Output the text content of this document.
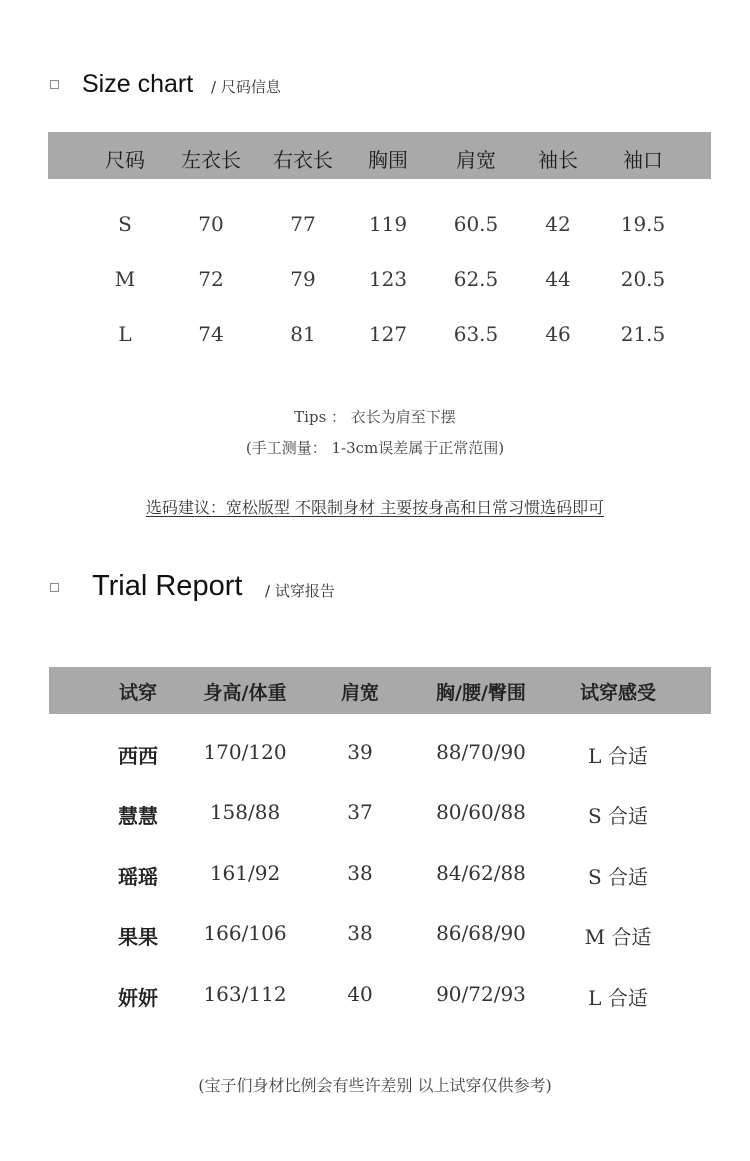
Size chart / 尺码信息
尺码 左衣长 右衣长 胸围 肩宽 袖长 袖口
S	70	77	119 60.5 42	19.5
M	72	79	123 62.5 44	20.5
L	74	81	127 63.5 46	21.5
Tips ： 衣长为肩至下摆
(手工测量： 1-3cm误差属于正常范围)
选码建议：宽松版型 不限制身材 主要按身高和日常习惯选码即可
Trial Report / 试穿报告
试穿 身高/体重	肩宽	胸/腰/臀围	试穿感受
西西 170/120	39	88/70/90	L 合适
慧慧	158/88	37	80/60/88	S 合适
瑶瑶	161/92	38	84/62/88	S 合适
果果 166/106	38	86/68/90	M 合适
妍妍 163/112	40	90/72/93	L 合适
(宝子们身材比例会有些许差别 以上试穿仅供参考)
